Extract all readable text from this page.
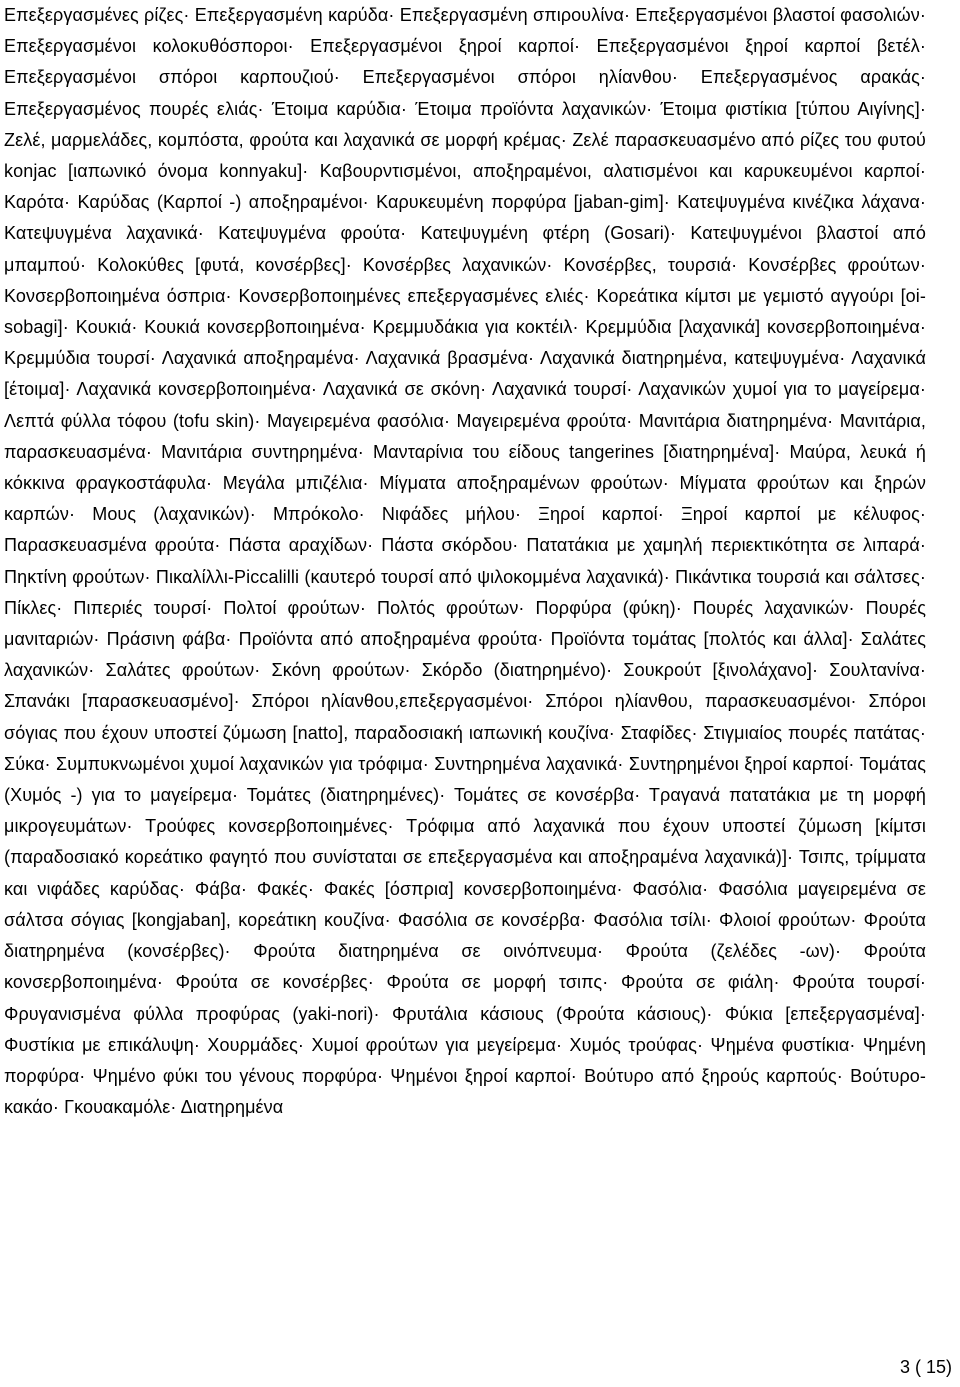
Επεξεργασμένες ρίζες· Επεξεργασμένη καρύδα· Επεξεργασμένη σπιρουλίνα· Επεξεργασμένοι βλαστοί φασολιών· Επεξεργασμένοι κολοκυθόσποροι· Επεξεργασμένοι ξηροί καρποί· Επεξεργασμένοι ξηροί καρποί βετέλ· Επεξεργασμένοι σπόροι καρπουζιού· Επεξεργασμένοι σπόροι ηλίανθου· Επεξεργασμένος αρακάς· Επεξεργασμένος πουρές ελιάς· Έτοιμα καρύδια· Έτοιμα προϊόντα λαχανικών· Έτοιμα φιστίκια [τύπου Αιγίνης]· Ζελέ, μαρμελάδες, κομπόστα, φρούτα και λαχανικά σε μορφή κρέμας· Ζελέ παρασκευασμένο από ρίζες του φυτού konjac [ιαπωνικό όνομα konnyaku]· Καβουρντισμένοι, αποξηραμένοι, αλατισμένοι και καρυκευμένοι καρποί· Καρότα· Καρύδας (Καρποί -) αποξηραμένοι· Καρυκευμένη πορφύρα [jaban-gim]· Κατεψυγμένα κινέζικα λάχανα· Κατεψυγμένα λαχανικά· Κατεψυγμένα φρούτα· Κατεψυγμένη φτέρη (Gosari)· Κατεψυγμένοι βλαστοί από μπαμπού· Κολοκύθες [φυτά, κονσέρβες]· Κονσέρβες λαχανικών· Κονσέρβες, τουρσιά· Κονσέρβες φρούτων· Κονσερβοποιημένα όσπρια· Κονσερβοποιημένες επεξεργασμένες ελιές· Κορεάτικα κίμτσι με γεμιστό αγγούρι [oi-sobagi]· Κουκιά· Κουκιά κονσερβοποιημένα· Κρεμμυδάκια για κοκτέιλ· Κρεμμύδια [λαχανικά] κονσερβοποιημένα· Κρεμμύδια τουρσί· Λαχανικά αποξηραμένα· Λαχανικά βρασμένα· Λαχανικά διατηρημένα, κατεψυγμένα· Λαχανικά [έτοιμα]· Λαχανικά κονσερβοποιημένα· Λαχανικά σε σκόνη· Λαχανικά τουρσί· Λαχανικών χυμοί για το μαγείρεμα· Λεπτά φύλλα τόφου (tofu skin)· Μαγειρεμένα φασόλια· Μαγειρεμένα φρούτα· Μανιτάρια διατηρημένα· Μανιτάρια, παρασκευασμένα· Μανιτάρια συντηρημένα· Μανταρίνια του είδους tangerines [διατηρημένα]· Μαύρα, λευκά ή κόκκινα φραγκοστάφυλα· Μεγάλα μπιζέλια· Μίγματα αποξηραμένων φρούτων· Μίγματα φρούτων και ξηρών καρπών· Μους (λαχανικών)· Μπρόκολο· Νιφάδες μήλου· Ξηροί καρποί· Ξηροί καρποί με κέλυφος· Παρασκευασμένα φρούτα· Πάστα αραχίδων· Πάστα σκόρδου· Πατατάκια με χαμηλή περιεκτικότητα σε λιπαρά· Πηκτίνη φρούτων· Πικαλίλλι-Piccalilli (καυτερό τουρσί από ψιλοκομμένα λαχανικά)· Πικάντικα τουρσιά και σάλτσες· Πίκλες· Πιπεριές τουρσί· Πολτοί φρούτων· Πολτός φρούτων· Πορφύρα (φύκη)· Πουρές λαχανικών· Πουρές μανιταριών· Πράσινη φάβα· Προϊόντα από αποξηραμένα φρούτα· Προϊόντα τομάτας [πολτός και άλλα]· Σαλάτες λαχανικών· Σαλάτες φρούτων· Σκόνη φρούτων· Σκόρδο (διατηρημένο)· Σουκρούτ [ξινολάχανο]· Σουλτανίνα· Σπανάκι [παρασκευασμένο]· Σπόροι ηλίανθου,επεξεργασμένοι· Σπόροι ηλίανθου, παρασκευασμένοι· Σπόροι σόγιας που έχουν υποστεί ζύμωση [natto], παραδοσιακή ιαπωνική κουζίνα· Σταφίδες· Στιγμιαίος πουρές πατάτας· Σύκα· Συμπυκνωμένοι χυμοί λαχανικών για τρόφιμα· Συντηρημένα λαχανικά· Συντηρημένοι ξηροί καρποί· Τομάτας (Χυμός -) για το μαγείρεμα· Τομάτες (διατηρημένες)· Τομάτες σε κονσέρβα· Τραγανά πατατάκια με τη μορφή μικρογευμάτων· Τρούφες κονσερβοποιημένες· Τρόφιμα από λαχανικά που έχουν υποστεί ζύμωση [κίμτσι (παραδοσιακό κορεάτικο φαγητό που συνίσταται σε επεξεργασμένα και αποξηραμένα λαχανικά)]· Τσιπς, τρίμματα και νιφάδες καρύδας· Φάβα· Φακές· Φακές [όσπρια] κονσερβοποιημένα· Φασόλια· Φασόλια μαγειρεμένα σε σάλτσα σόγιας [kongjaban], κορεάτικη κουζίνα· Φασόλια σε κονσέρβα· Φασόλια τσίλι· Φλοιοί φρούτων· Φρούτα διατηρημένα (κονσέρβες)· Φρούτα διατηρημένα σε οινόπνευμα· Φρούτα (ζελέδες -ων)· Φρούτα κονσερβοποιημένα· Φρούτα σε κονσέρβες· Φρούτα σε μορφή τσιπς· Φρούτα σε φιάλη· Φρούτα τουρσί· Φρυγανισμένα φύλλα προφύρας (yaki-nori)· Φρυτάλια κάσιους (Φρούτα κάσιους)· Φύκια [επεξεργασμένα]· Φυστίκια με επικάλυψη· Χουρμάδες· Χυμοί φρούτων για μεγείρεμα· Χυμός τρούφας· Ψημένα φυστίκια· Ψημένη πορφύρα· Ψημένο φύκι του γένους πορφύρα· Ψημένοι ξηροί καρποί· Βούτυρο από ξηρούς καρπούς· Βούτυρο-κακάο· Γκουακαμόλε· Διατηρημένα

3 ( 15)
